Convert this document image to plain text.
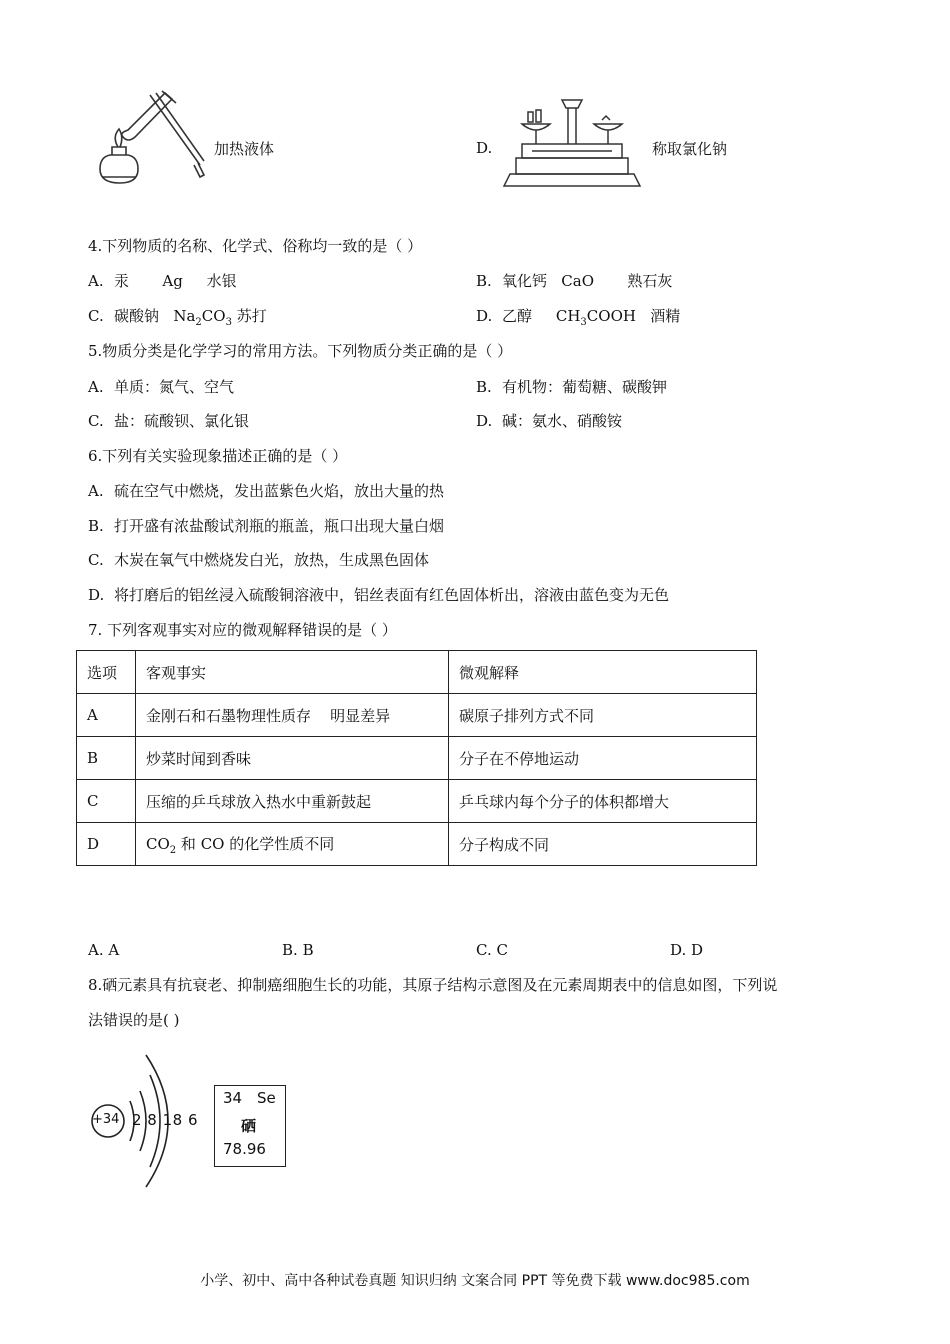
加热液体	D.	称取氯化钠
4.下列物质的名称、化学式、俗称均一致的是（ ）
A. 汞       Ag     水银	B. 氧化钙   CaO       熟石灰
C. 碳酸钠 $Na_2CO_3$ 苏打	D. 乙醇 $CH_3COOH$ 酒精
5.物质分类是化学学习的常用方法。下列物质分类正确的是（ ）
A. 单质：氮气、空气	B. 有机物：葡萄糖、碳酸钾
C. 盐：硫酸钡、氯化银	D. 碱：氨水、硝酸铵
6.下列有关实验现象描述正确的是（ ）
A. 硫在空气中燃烧，发出蓝紫色火焰，放出大量的热
B. 打开盛有浓盐酸试剂瓶的瓶盖，瓶口出现大量白烟
C. 木炭在氧气中燃烧发白光，放热，生成黑色固体
D. 将打磨后的铝丝浸入硫酸铜溶液中，铝丝表面有红色固体析出，溶液由蓝色变为无色
7. 下列客观事实对应的微观解释错误的是（ ）
选项	客观事实	微观解释
A	金刚石和石墨物理性质存    明显差异	碳原子排列方式不同
B	炒菜时闻到香味	分子在不停地运动
C	压缩的乒乓球放入热水中重新鼓起	乒乓球内每个分子的体积都增大
D	$CO_2$ 和 CO 的化学性质不同	分子构成不同
A. A	B. B	C. C	D. D
8.硒元素具有抗衰老、抑制癌细胞生长的功能，其原子结构示意图及在元素周期表中的信息如图，下列说
法错误的是( )
+34 2 8 18 6
34 Se
硒
78.96
小学、初中、高中各种试卷真题 知识归纳 文案合同 PPT 等免费下载 www.doc985.com
